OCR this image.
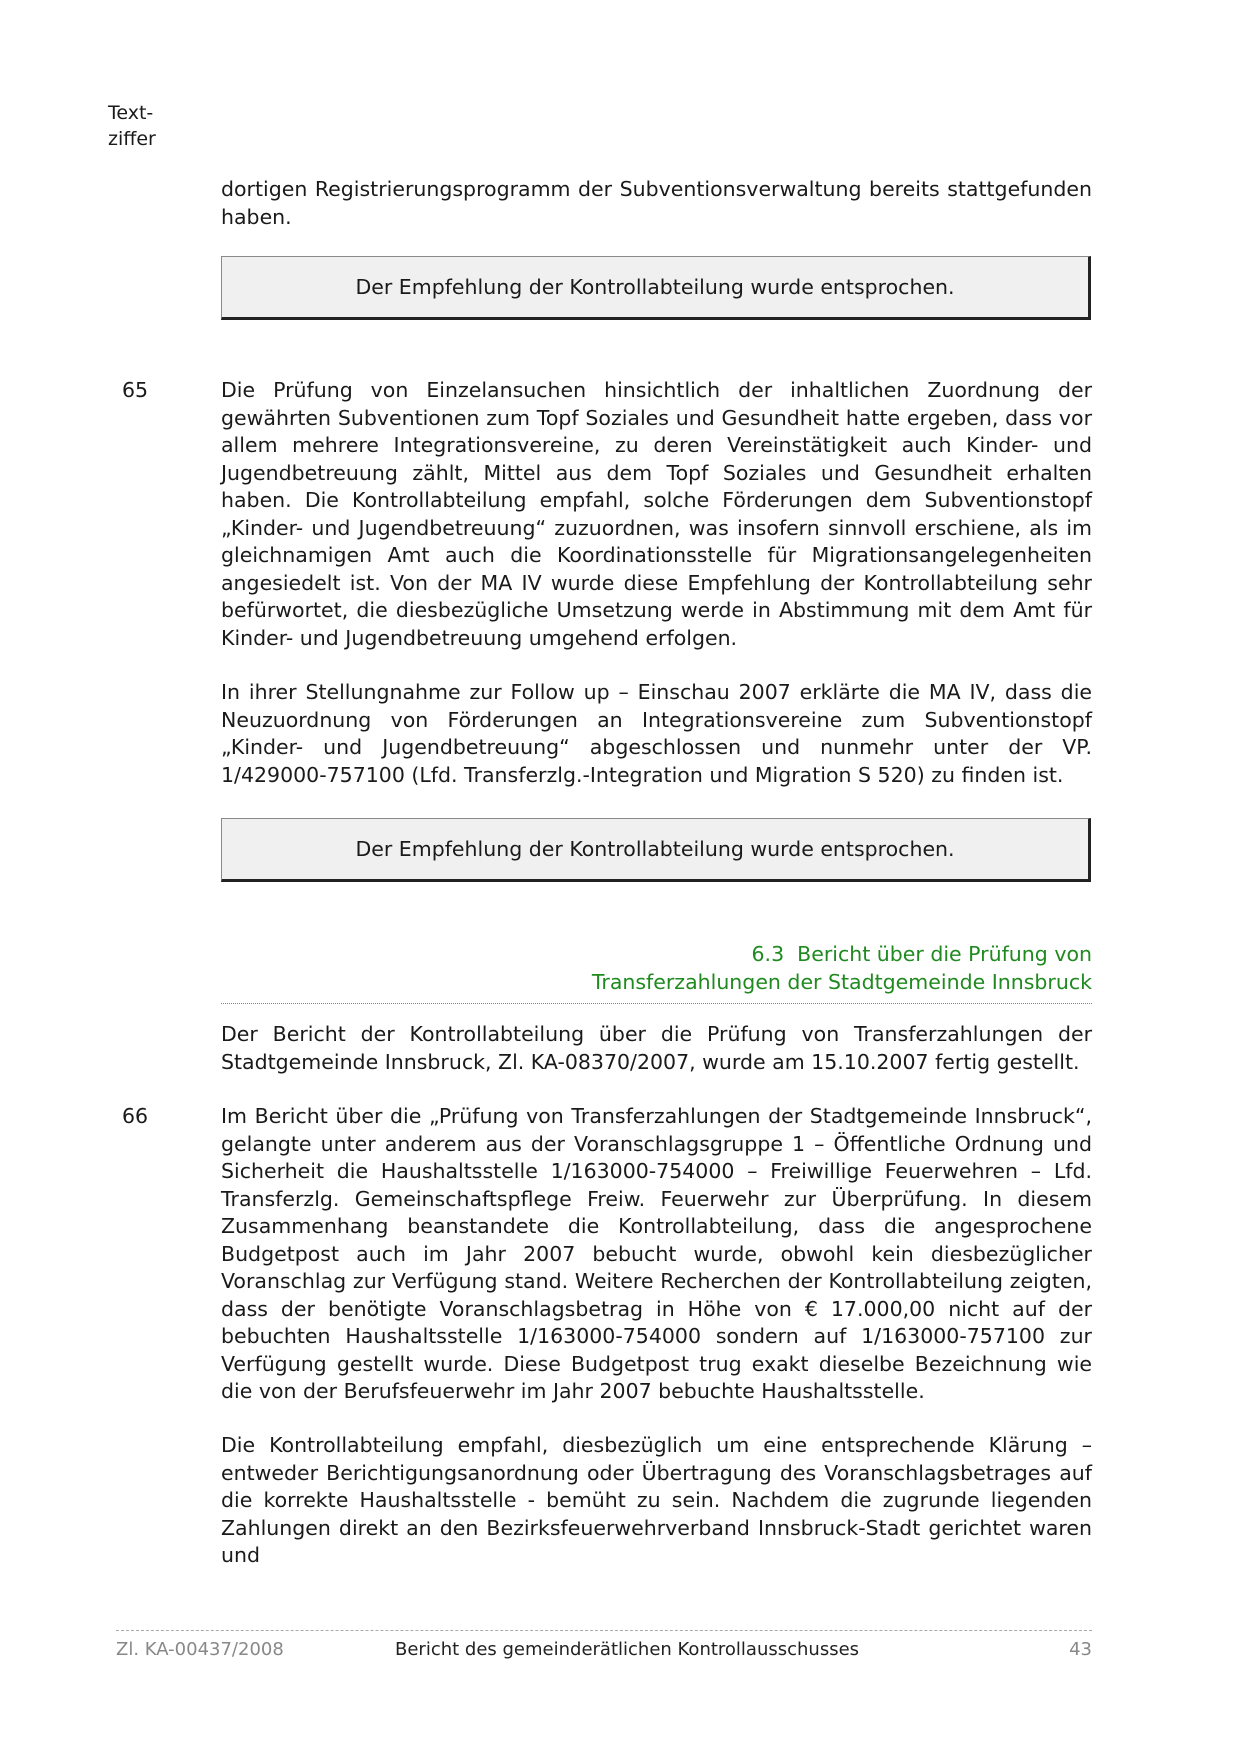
Text-
ziffer

dortigen Registrierungsprogramm der Subventionsverwaltung bereits stattgefunden haben.

Der Empfehlung der Kontrollabteilung wurde entsprochen.
65	Die Prüfung von Einzelansuchen hinsichtlich der inhaltlichen Zuordnung der gewährten Subventionen zum Topf Soziales und Gesundheit hatte ergeben, dass vor allem mehrere Integrationsvereine, zu deren Vereinstätigkeit auch Kinder- und Jugendbetreuung zählt, Mittel aus dem Topf Soziales und Gesundheit erhalten haben. Die Kontrollabteilung empfahl, solche Förderungen dem Subventionstopf „Kinder- und Jugendbetreuung“ zuzuordnen, was insofern sinnvoll erschiene, als im gleichnamigen Amt auch die Koordinationsstelle für Migrationsangelegenheiten angesiedelt ist. Von der MA IV wurde diese Empfehlung der Kontrollabteilung sehr befürwortet, die diesbezügliche Umsetzung werde in Abstimmung mit dem Amt für Kinder- und Jugendbetreuung umgehend erfolgen.

In ihrer Stellungnahme zur Follow up – Einschau 2007 erklärte die MA IV, dass die Neuzuordnung von Förderungen an Integrationsvereine zum Subventionstopf „Kinder- und Jugendbetreuung“ abgeschlossen und nunmehr unter der VP. 1/429000-757100 (Lfd. Transferzlg.-Integration und Migration S 520) zu finden ist.

Der Empfehlung der Kontrollabteilung wurde entsprochen.
6.3  Bericht über die Prüfung von
Transferzahlungen der Stadtgemeinde Innsbruck

Der Bericht der Kontrollabteilung über die Prüfung von Transferzahlungen der Stadtgemeinde Innsbruck, Zl. KA-08370/2007, wurde am 15.10.2007 fertig gestellt.

66	Im Bericht über die „Prüfung von Transferzahlungen der Stadtgemeinde Innsbruck“, gelangte unter anderem aus der Voranschlagsgruppe 1 – Öffentliche Ordnung und Sicherheit die Haushaltsstelle 1/163000-754000 – Freiwillige Feuerwehren – Lfd. Transferzlg. Gemeinschaftspflege Freiw. Feuerwehr zur Überprüfung. In diesem Zusammenhang beanstandete die Kontrollabteilung, dass die angesprochene Budgetpost auch im Jahr 2007 bebucht wurde, obwohl kein diesbezüglicher Voranschlag zur Verfügung stand. Weitere Recherchen der Kontrollabteilung zeigten, dass der benötigte Voranschlagsbetrag in Höhe von € 17.000,00 nicht auf der bebuchten Haushaltsstelle 1/163000-754000 sondern auf 1/163000-757100 zur Verfügung gestellt wurde. Diese Budgetpost trug exakt dieselbe Bezeichnung wie die von der Berufsfeuerwehr im Jahr 2007 bebuchte Haushaltsstelle.

Die Kontrollabteilung empfahl, diesbezüglich um eine entsprechende Klärung – entweder Berichtigungsanordnung oder Übertragung des Voranschlagsbetrages auf die korrekte Haushaltsstelle - bemüht zu sein. Nachdem die zugrunde liegenden Zahlungen direkt an den Bezirksfeuerwehrverband Innsbruck-Stadt gerichtet waren und

Zl. KA-00437/2008	Bericht des gemeinderätlichen Kontrollausschusses	43
